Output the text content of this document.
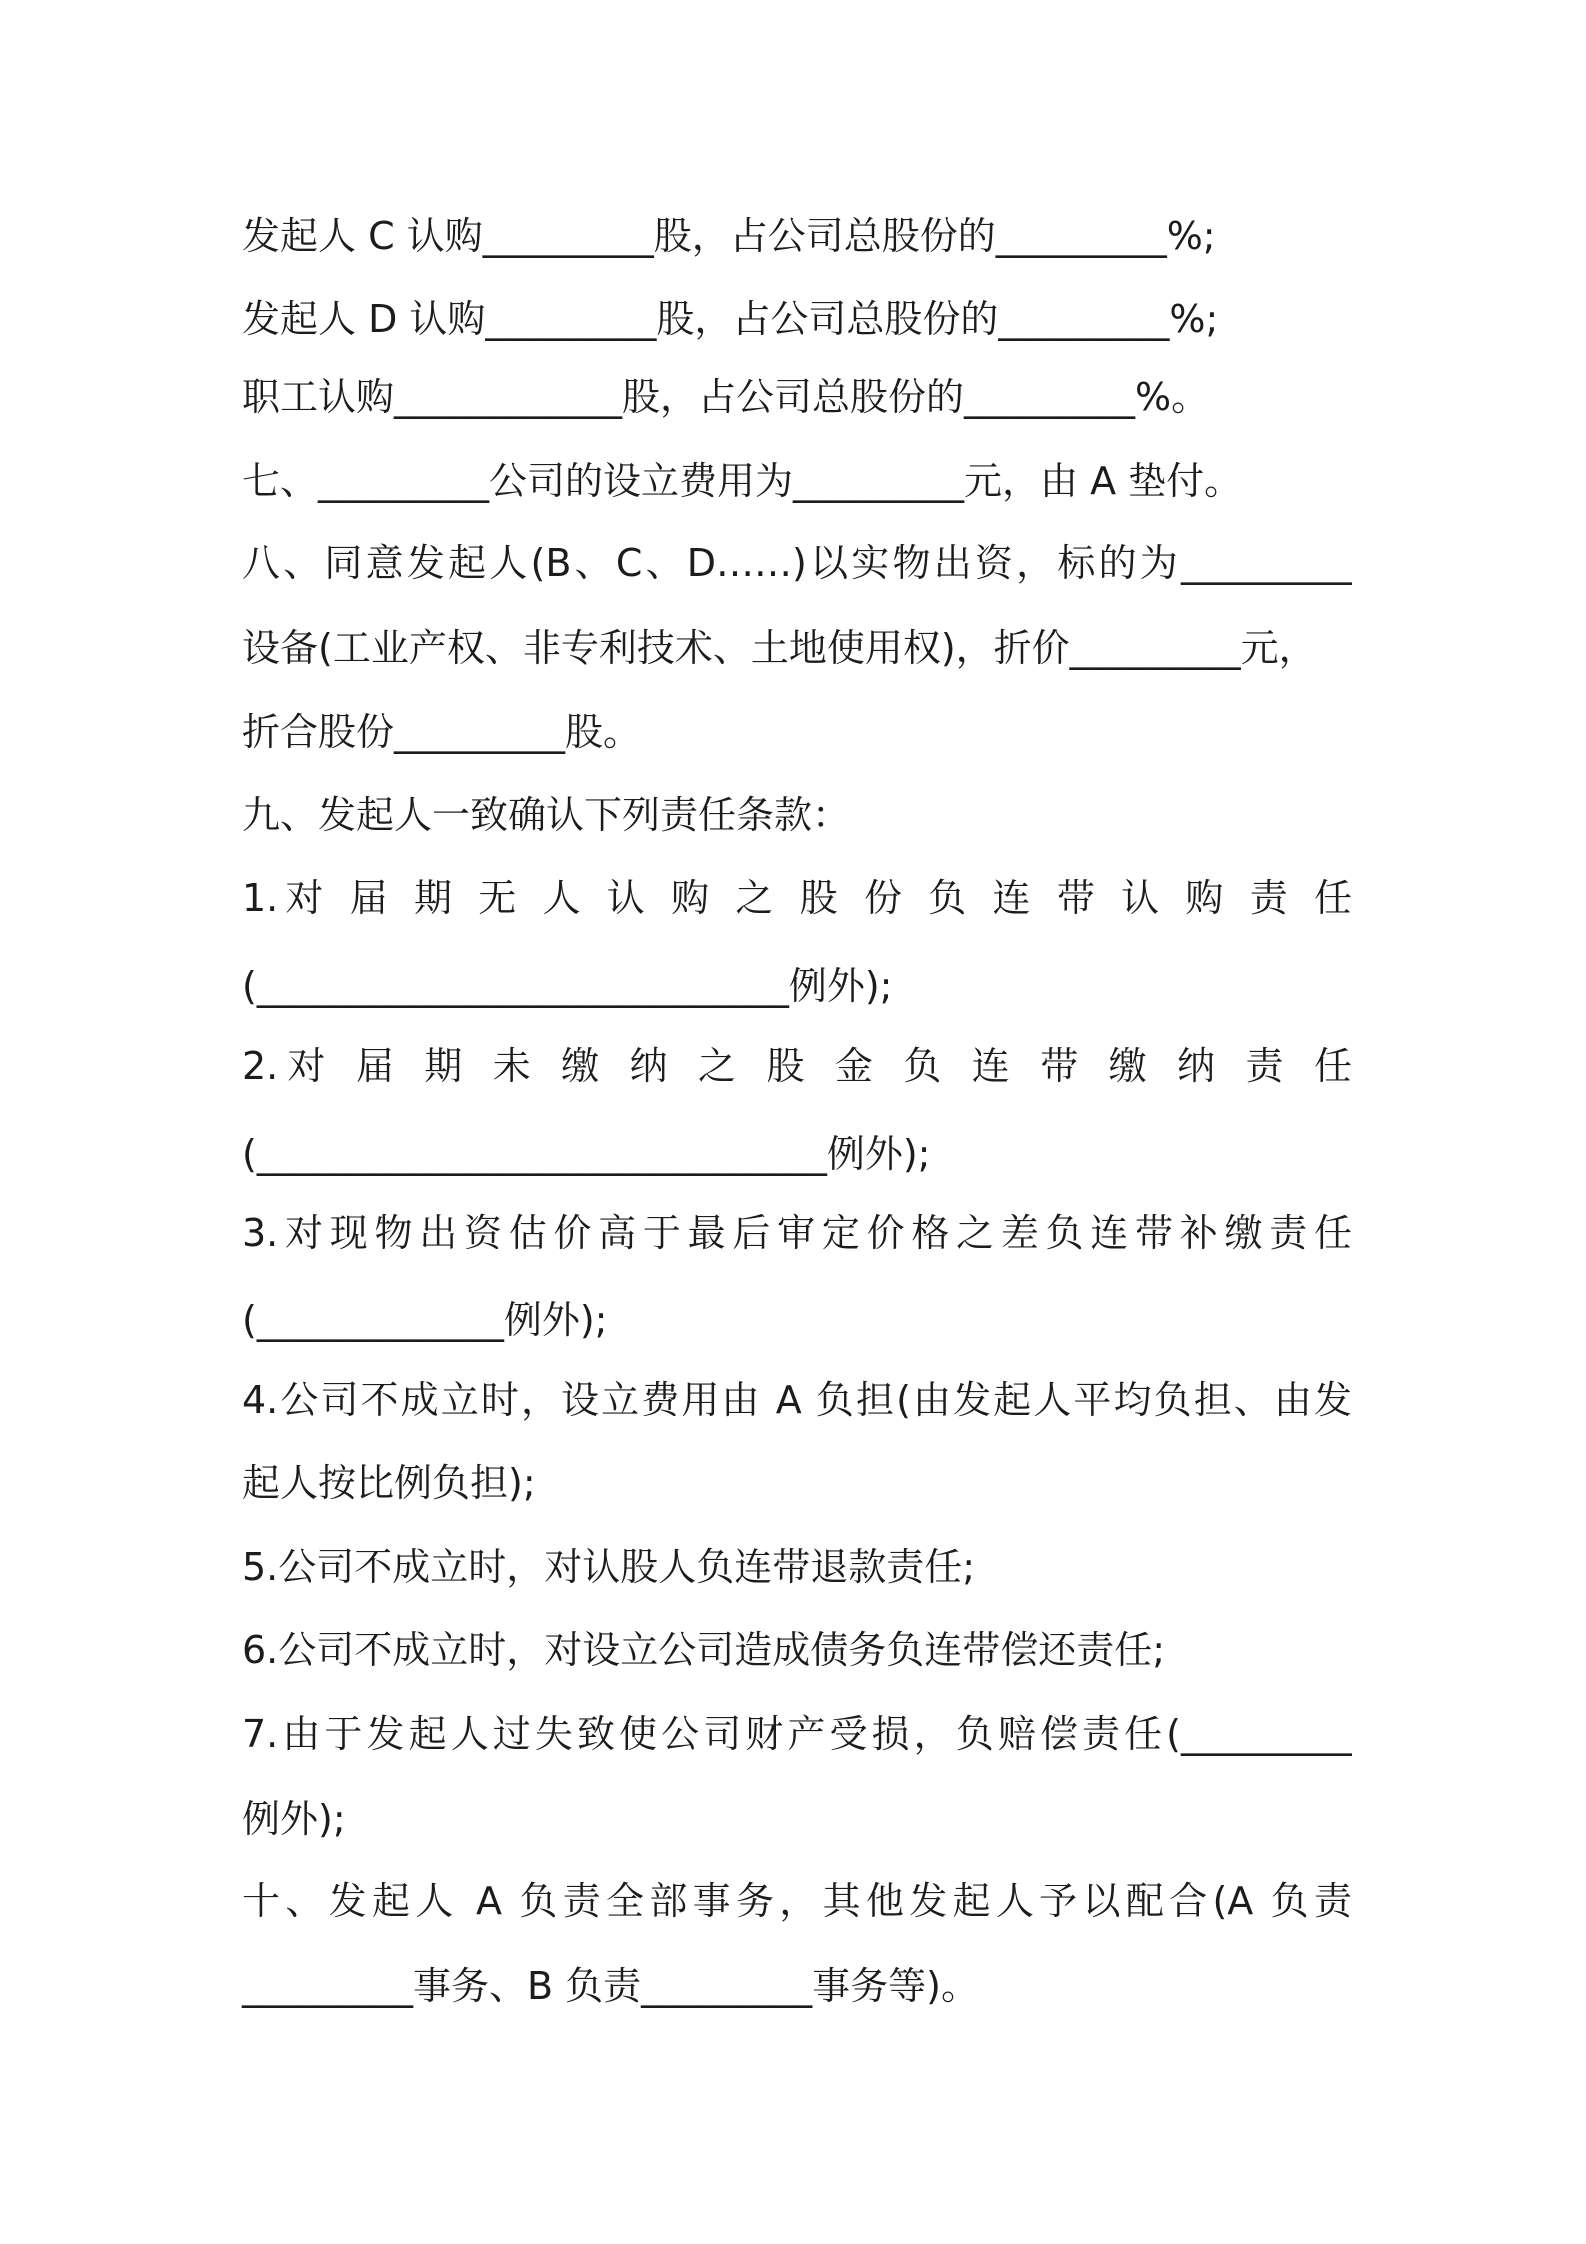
发起人 C 认购_________股，占公司总股份的_________%;
发起人 D 认购_________股，占公司总股份的_________%;
职工认购____________股，占公司总股份的_________%。
七、_________公司的设立费用为_________元，由 A 垫付。
八、同意发起人(B、C、D……)以实物出资，标的为_________
设备(工业产权、非专利技术、土地使用权)，折价_________元，
折合股份_________股。
九、发起人一致确认下列责任条款：
1.对 届 期 无 人 认 购 之 股 份 负 连 带 认 购 责 任
(____________________________例外);
2.对 届 期 未 缴 纳 之 股 金 负 连 带 缴 纳 责 任
(______________________________例外);
3.对现物出资估价高于最后审定价格之差负连带补缴责任
(_____________例外);
4.公司不成立时，设立费用由 A 负担(由发起人平均负担、由发
起人按比例负担);
5.公司不成立时，对认股人负连带退款责任;
6.公司不成立时，对设立公司造成债务负连带偿还责任;
7.由于发起人过失致使公司财产受损，负赔偿责任(_________
例外);
十、发起人 A 负责全部事务，其他发起人予以配合(A 负责
_________事务、B 负责_________事务等)。
